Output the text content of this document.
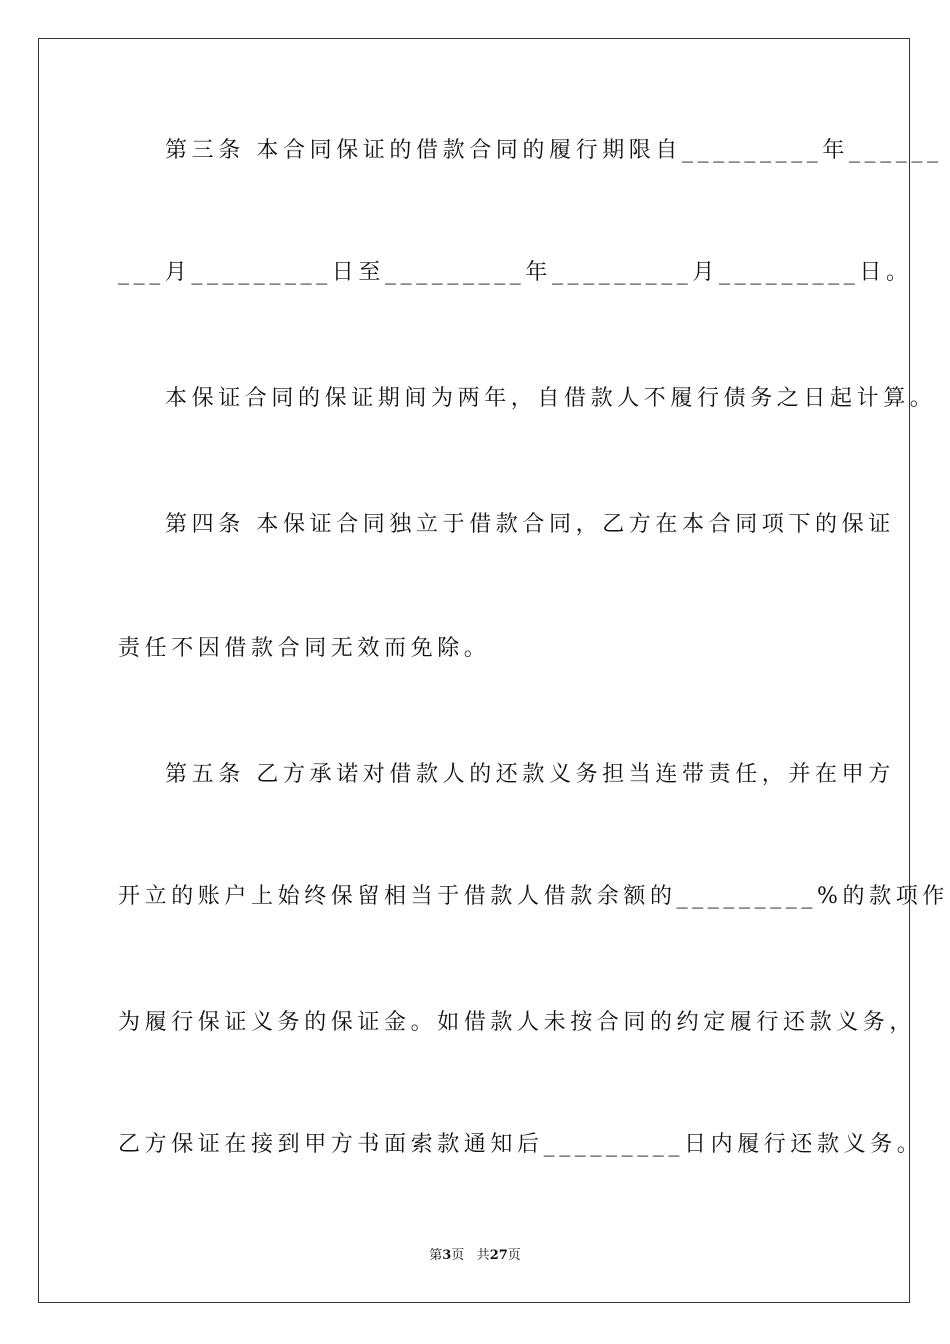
第三条 本合同保证的借款合同的履行期限自_________年______
___月_________日至_________年_________月_________日。
本保证合同的保证期间为两年，自借款人不履行债务之日起计算。
第四条 本保证合同独立于借款合同，乙方在本合同项下的保证
责任不因借款合同无效而免除。
第五条 乙方承诺对借款人的还款义务担当连带责任，并在甲方
开立的账户上始终保留相当于借款人借款余额的_________%的款项作
为履行保证义务的保证金。如借款人未按合同的约定履行还款义务，
乙方保证在接到甲方书面索款通知后_________日内履行还款义务。
第3页 共27页
